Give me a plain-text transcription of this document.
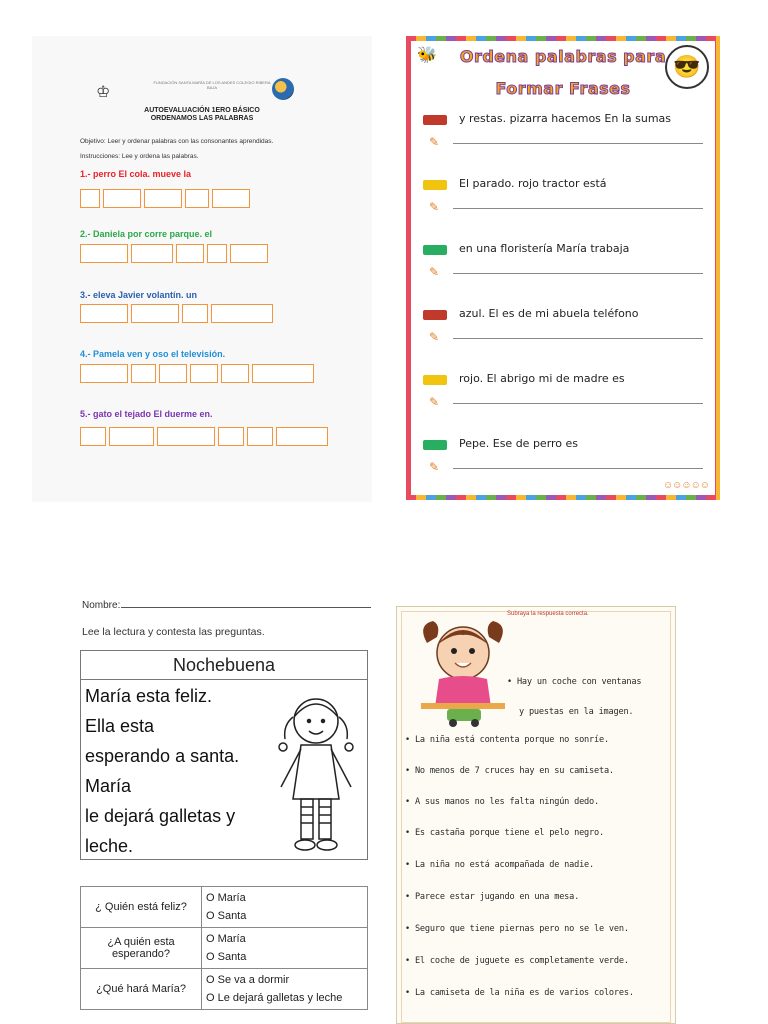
♔
FUNDACIÓN SANTA MARÍA DE LOS ANDES COLEGIO RIBERA BAJA
AUTOEVALUACIÓN 1ERO BÁSICO
ORDENAMOS LAS PALABRAS
Objetivo: Leer y ordenar palabras con las consonantes aprendidas.
Instrucciones: Lee y ordena las palabras.
1.- perro El cola. mueve la
2.- Daniela por corre parque. el
3.- eleva Javier volantín. un
4.- Pamela ven y oso el televisión.
5.- gato el tejado El duerme en.
🐝	Ordena palabras para
Formar Frases
😎
✎
y restas. pizarra hacemos En la sumas
✎
El parado. rojo tractor está
✎
en una floristería María trabaja
✎
azul. El es de mi abuela teléfono
✎
rojo. El abrigo mi de madre es
✎
Pepe. Ese de perro es
☺☺☺☺☺
Nombre:
Lee la lectura y contesta las preguntas.
Nochebuena
María esta feliz.
Ella esta
esperando a santa.
María
le dejará galletas y
leche.
¿ Quién está feliz?	O María
O Santa

¿A quién esta esperando?	O María
O Santa

¿Qué hará María?	O Se va a dormir
O Le dejará galletas y leche
Subraya la respuesta correcta.
• Hay un coche con ventanas
y puestas en la imagen.
• La niña está contenta porque no sonríe.
• No menos de 7 cruces hay en su camiseta.
• A sus manos no les falta ningún dedo.
• Es castaña porque tiene el pelo negro.
• La niña no está acompañada de nadie.
• Parece estar jugando en una mesa.
• Seguro que tiene piernas pero no se le ven.
• El coche de juguete es completamente verde.
• La camiseta de la niña es de varios colores.
